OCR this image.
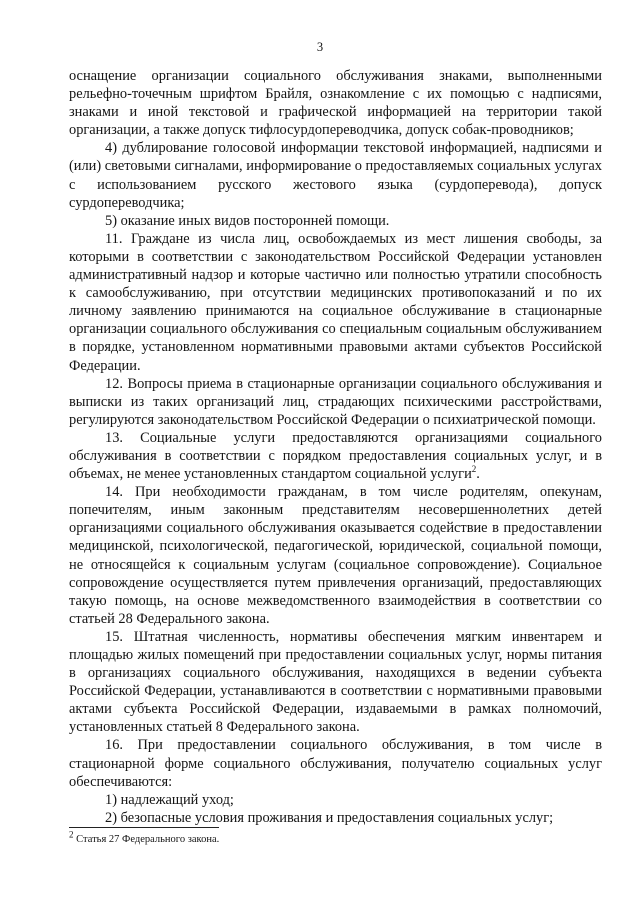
3

оснащение организации социального обслуживания знаками, выполненными рельефно-точечным шрифтом Брайля, ознакомление с их помощью с надписями, знаками и иной текстовой и графической информацией на территории такой организации, а также допуск тифлосурдопереводчика, допуск собак-проводников;

4) дублирование голосовой информации текстовой информацией, надписями и (или) световыми сигналами, информирование о предоставляемых социальных услугах с использованием русского жестового языка (сурдоперевода), допуск сурдопереводчика;

5) оказание иных видов посторонней помощи.

11. Граждане из числа лиц, освобождаемых из мест лишения свободы, за которыми в соответствии с законодательством Российской Федерации установлен административный надзор и которые частично или полностью утратили способность к самообслуживанию, при отсутствии медицинских противопоказаний и по их личному заявлению принимаются на социальное обслуживание в стационарные организации социального обслуживания со специальным социальным обслуживанием в порядке, установленном нормативными правовыми актами субъектов Российской Федерации.

12. Вопросы приема в стационарные организации социального обслуживания и выписки из таких организаций лиц, страдающих психическими расстройствами, регулируются законодательством Российской Федерации о психиатрической помощи.

13. Социальные услуги предоставляются организациями социального обслуживания в соответствии с порядком предоставления социальных услуг, и в объемах, не менее установленных стандартом социальной услуги$^2$.

14. При необходимости гражданам, в том числе родителям, опекунам, попечителям, иным законным представителям несовершеннолетних детей организациями социального обслуживания оказывается содействие в предоставлении медицинской, психологической, педагогической, юридической, социальной помощи, не относящейся к социальным услугам (социальное сопровождение). Социальное сопровождение осуществляется путем привлечения организаций, предоставляющих такую помощь, на основе межведомственного взаимодействия в соответствии со статьей 28 Федерального закона.

15. Штатная численность, нормативы обеспечения мягким инвентарем и площадью жилых помещений при предоставлении социальных услуг, нормы питания в организациях социального обслуживания, находящихся в ведении субъекта Российской Федерации, устанавливаются в соответствии с нормативными правовыми актами субъекта Российской Федерации, издаваемыми в рамках полномочий, установленных статьей 8 Федерального закона.

16. При предоставлении социального обслуживания, в том числе в стационарной форме социального обслуживания, получателю социальных услуг обеспечиваются:

1) надлежащий уход;

2) безопасные условия проживания и предоставления социальных услуг;

$^2$ Статья 27 Федерального закона.
